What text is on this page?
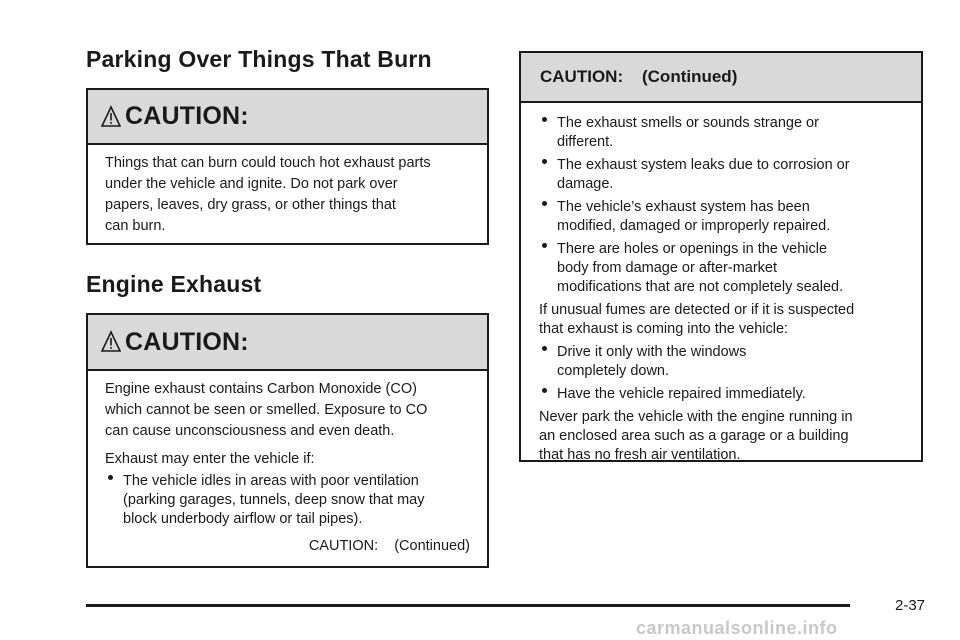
Parking Over Things That Burn
CAUTION:
Things that can burn could touch hot exhaust parts
under the vehicle and ignite. Do not park over
papers, leaves, dry grass, or other things that
can burn.
Engine Exhaust
CAUTION:
Engine exhaust contains Carbon Monoxide (CO)
which cannot be seen or smelled. Exposure to CO
can cause unconsciousness and even death.
Exhaust may enter the vehicle if:
The vehicle idles in areas with poor ventilation
(parking garages, tunnels, deep snow that may
block underbody airflow or tail pipes).
CAUTION:    (Continued)
CAUTION:    (Continued)
The exhaust smells or sounds strange or
different.
The exhaust system leaks due to corrosion or
damage.
The vehicle’s exhaust system has been
modified, damaged or improperly repaired.
There are holes or openings in the vehicle
body from damage or after-market
modifications that are not completely sealed.
If unusual fumes are detected or if it is suspected
that exhaust is coming into the vehicle:
Drive it only with the windows
completely down.
Have the vehicle repaired immediately.
Never park the vehicle with the engine running in
an enclosed area such as a garage or a building
that has no fresh air ventilation.
2-37
carmanualsonline.info
